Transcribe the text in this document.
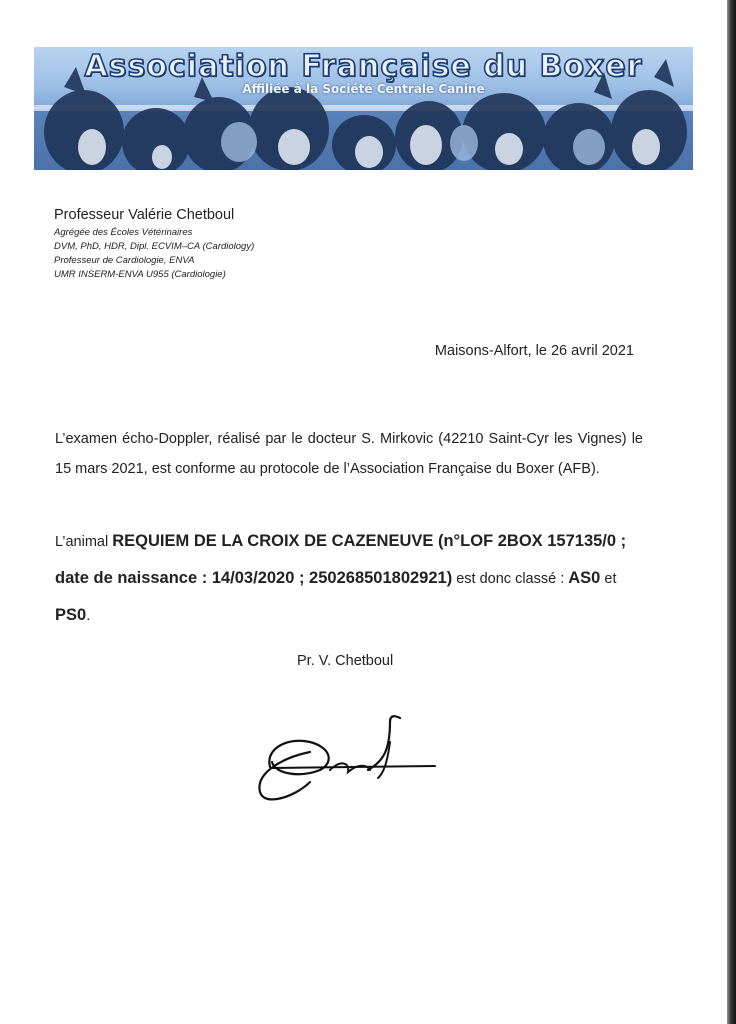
Association Française du Boxer
Affiliée à la Société Centrale Canine
Professeur Valérie Chetboul
Agrégée des Écoles Vétérinaires
DVM, PhD, HDR, Dipl. ECVIM–CA (Cardiology)
Professeur de Cardiologie, ENVA
UMR INSERM-ENVA U955 (Cardiologie)
Maisons-Alfort, le 26 avril 2021
L’examen écho-Doppler, réalisé par le docteur S. Mirkovic (42210 Saint-Cyr les Vignes) le 15 mars 2021, est conforme au protocole de l’Association Française du Boxer (AFB).
L’animal REQUIEM DE LA CROIX DE CAZENEUVE (n°LOF 2BOX 157135/0 ; date de naissance : 14/03/2020 ; 250268501802921) est donc classé : AS0 et PS0.
Pr. V. Chetboul
